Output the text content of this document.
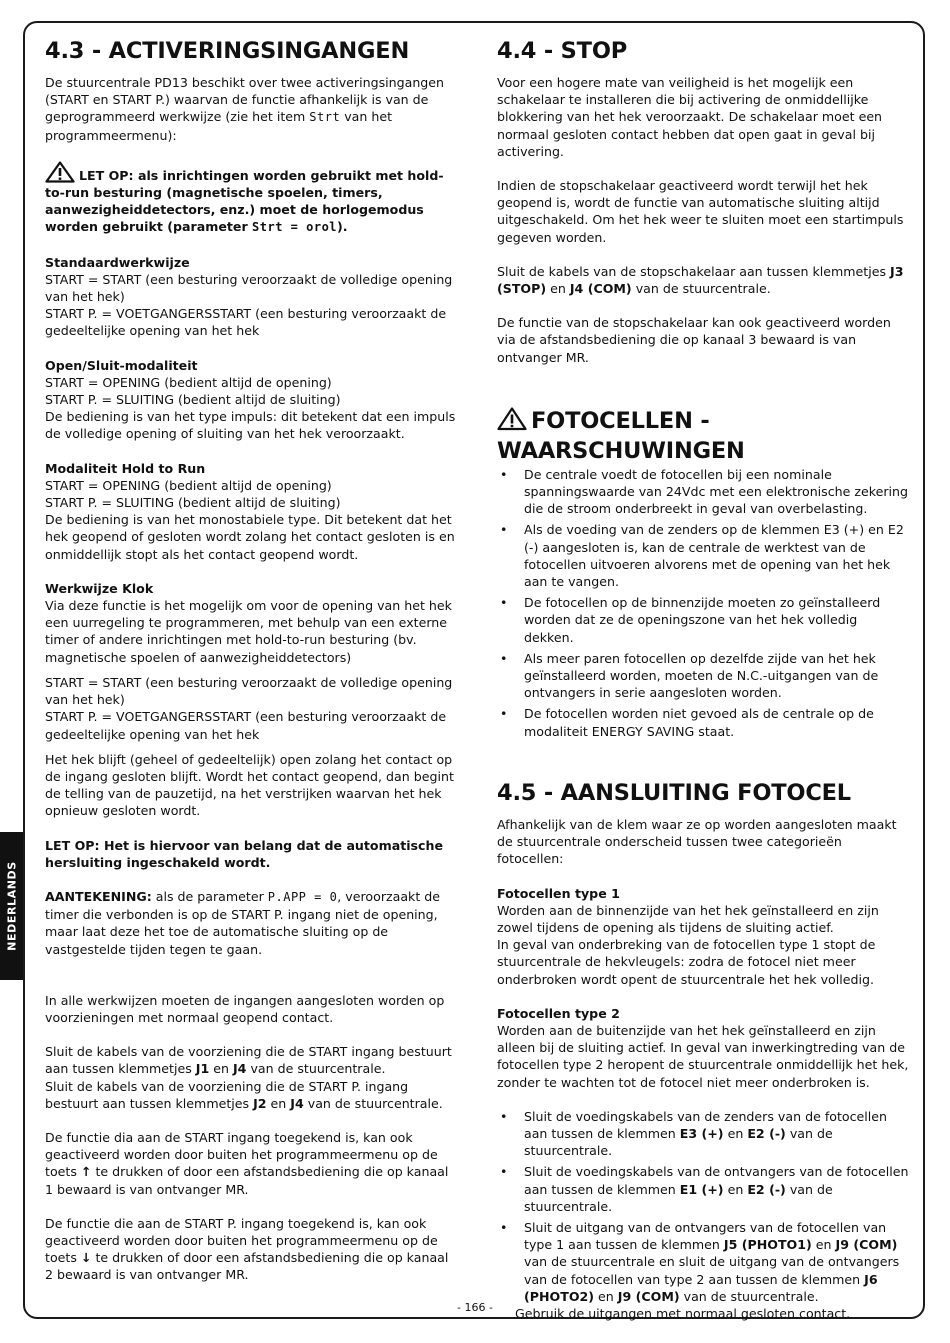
NEDERLANDS
4.3 - ACTIVERINGSINGANGEN

De stuurcentrale PD13 beschikt over twee activeringsingangen (START en START P.) waarvan de functie afhankelijk is van de geprogrammeerd werkwijze (zie het item Strt van het programmeermenu):

LET OP: als inrichtingen worden gebruikt met hold-to-run besturing (magnetische spoelen, timers, aanwezigheiddetectors, enz.) moet de horlogemodus worden gebruikt (parameter Strt = orol).

Standaardwerkwijze

START = START (een besturing veroorzaakt de volledige opening van het hek)

START P. = VOETGANGERSSTART (een besturing veroorzaakt de gedeeltelijke opening van het hek

Open/Sluit-modaliteit

START = OPENING (bedient altijd de opening)

START P. = SLUITING (bedient altijd de sluiting)

De bediening is van het type impuls: dit betekent dat een impuls de volledige opening of sluiting van het hek veroorzaakt.

Modaliteit Hold to Run

START = OPENING (bedient altijd de opening)

START P. = SLUITING (bedient altijd de sluiting)

De bediening is van het monostabiele type. Dit betekent dat het hek geopend of gesloten wordt zolang het contact gesloten is en onmiddellijk stopt als het contact geopend wordt.

Werkwijze Klok

Via deze functie is het mogelijk om voor de opening van het hek een uurregeling te programmeren, met behulp van een externe timer of andere inrichtingen met hold-to-run besturing (bv. magnetische spoelen of aanwezigheiddetectors)

START = START (een besturing veroorzaakt de volledige opening van het hek)

START P. = VOETGANGERSSTART (een besturing veroorzaakt de gedeeltelijke opening van het hek

Het hek blijft (geheel of gedeeltelijk) open zolang het contact op de ingang gesloten blijft. Wordt het contact geopend, dan begint de telling van de pauzetijd, na het verstrijken waarvan het hek opnieuw gesloten wordt.

LET OP: Het is hiervoor van belang dat de automatische hersluiting ingeschakeld wordt.

AANTEKENING: als de parameter P.APP = 0, veroorzaakt de timer die verbonden is op de START P. ingang niet de opening, maar laat deze het toe de automatische sluiting op de vastgestelde tijden tegen te gaan.

In alle werkwijzen moeten de ingangen aangesloten worden op voorzieningen met normaal geopend contact.

Sluit de kabels van de voorziening die de START ingang bestuurt aan tussen klemmetjes J1 en J4 van de stuurcentrale.

Sluit de kabels van de voorziening die de START P. ingang bestuurt aan tussen klemmetjes J2 en J4 van de stuurcentrale.

De functie dia aan de START ingang toegekend is, kan ook geactiveerd worden door buiten het programmeermenu op de toets ↑ te drukken of door een afstandsbediening die op kanaal 1 bewaard is van ontvanger MR.

De functie die aan de START P. ingang toegekend is, kan ook geactiveerd worden door buiten het programmeermenu op de toets ↓ te drukken of door een afstandsbediening die op kanaal 2 bewaard is van ontvanger MR.

4.4 - STOP

Voor een hogere mate van veiligheid is het mogelijk een schakelaar te installeren die bij activering de onmiddellijke blokkering van het hek veroorzaakt. De schakelaar moet een normaal gesloten contact hebben dat open gaat in geval bij activering.

Indien de stopschakelaar geactiveerd wordt terwijl het hek geopend is, wordt de functie van automatische sluiting altijd uitgeschakeld. Om het hek weer te sluiten moet een startimpuls gegeven worden.

Sluit de kabels van de stopschakelaar aan tussen klemmetjes J3 (STOP) en J4 (COM) van de stuurcentrale.

De functie van de stopschakelaar kan ook geactiveerd worden via de afstandsbediening die op kanaal 3 bewaard is van ontvanger MR.

FOTOCELLEN - WAARSCHUWINGEN
• De centrale voedt de fotocellen bij een nominale spanningswaarde van 24Vdc met een elektronische zekering die de stroom onderbreekt in geval van overbelasting.
• Als de voeding van de zenders op de klemmen E3 (+) en E2 (-) aangesloten is, kan de centrale de werktest van de fotocellen uitvoeren alvorens met de opening van het hek aan te vangen.
• De fotocellen op de binnenzijde moeten zo geïnstalleerd worden dat ze de openingszone van het hek volledig dekken.
• Als meer paren fotocellen op dezelfde zijde van het hek geïnstalleerd worden, moeten de N.C.-uitgangen van de ontvangers in serie aangesloten worden.
• De fotocellen worden niet gevoed als de centrale op de modaliteit ENERGY SAVING staat.
4.5 - AANSLUITING FOTOCEL

Afhankelijk van de klem waar ze op worden aangesloten maakt de stuurcentrale onderscheid tussen twee categorieën fotocellen:

Fotocellen type 1

Worden aan de binnenzijde van het hek geïnstalleerd en zijn zowel tijdens de opening als tijdens de sluiting actief.

In geval van onderbreking van de fotocellen type 1 stopt de stuurcentrale de hekvleugels: zodra de fotocel niet meer onderbroken wordt opent de stuurcentrale het hek volledig.

Fotocellen type 2

Worden aan de buitenzijde van het hek geïnstalleerd en zijn alleen bij de sluiting actief. In geval van inwerkingtreding van de fotocellen type 2 heropent de stuurcentrale onmiddellijk het hek, zonder te wachten tot de fotocel niet meer onderbroken is.

• Sluit de voedingskabels van de zenders van de fotocellen aan tussen de klemmen E3 (+) en E2 (-) van de stuurcentrale.
• Sluit de voedingskabels van de ontvangers van de fotocellen aan tussen de klemmen E1 (+) en E2 (-) van de stuurcentrale.
• Sluit de uitgang van de ontvangers van de fotocellen van type 1 aan tussen de klemmen J5 (PHOTO1) en J9 (COM) van de stuurcentrale en sluit de uitgang van de ontvangers van de fotocellen van type 2 aan tussen de klemmen J6 (PHOTO2) en J9 (COM) van de stuurcentrale.

Gebruik de uitgangen met normaal gesloten contact.

- 166 -
